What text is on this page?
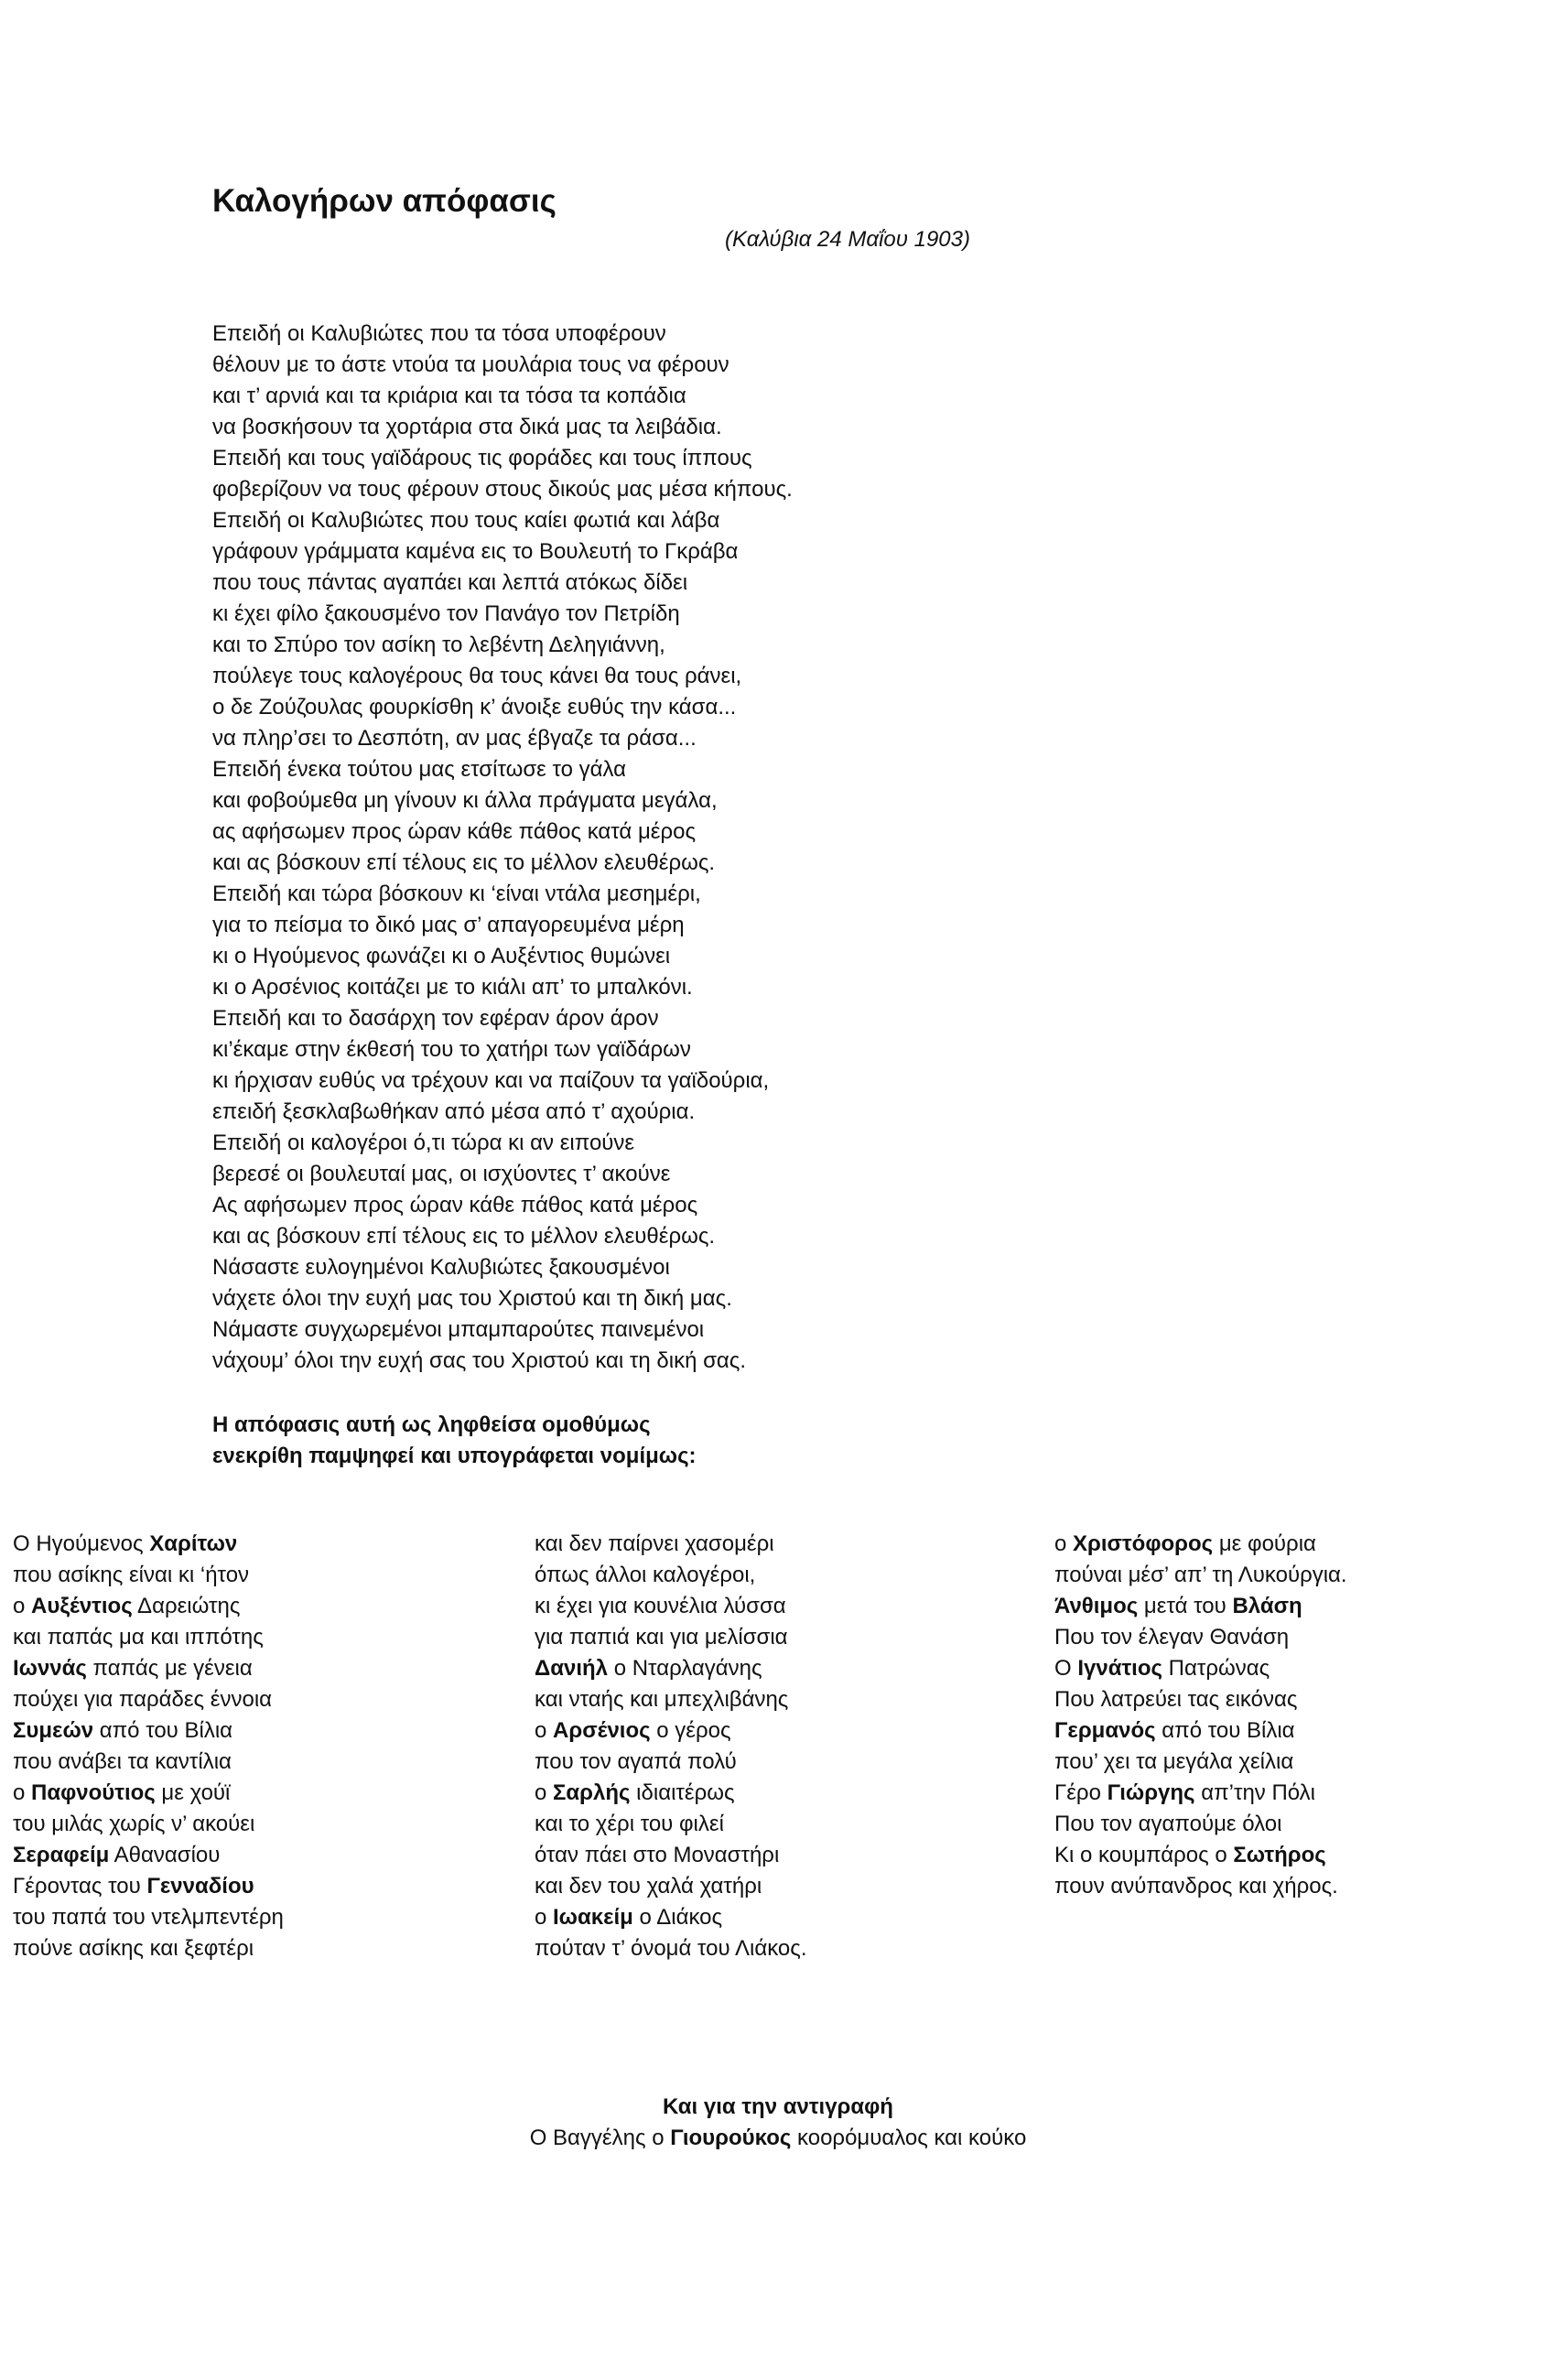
Καλογήρων απόφασις
(Καλύβια 24 Μαΐου 1903)
Επειδή οι Καλυβιώτες που τα τόσα υποφέρουν
θέλουν με το άστε ντούα τα μουλάρια τους να φέρουν
και τ’ αρνιά και τα κριάρια και τα τόσα τα κοπάδια
να βοσκήσουν τα χορτάρια στα δικά μας τα λειβάδια.
Επειδή και τους γαϊδάρους τις φοράδες και τους ίππους
φοβερίζουν να τους φέρουν στους δικούς μας μέσα κήπους.
Επειδή οι Καλυβιώτες που τους καίει φωτιά και λάβα
γράφουν γράμματα καμένα εις το Βουλευτή το Γκράβα
που τους πάντας αγαπάει και λεπτά ατόκως δίδει
κι έχει φίλο ξακουσμένο τον Πανάγο τον Πετρίδη
και το Σπύρο τον ασίκη το λεβέντη Δεληγιάννη,
πούλεγε τους καλογέρους θα τους κάνει θα τους ράνει,
ο δε Ζούζουλας φουρκίσθη κ’ άνοιξε ευθύς την κάσα...
να πληρ’σει το Δεσπότη, αν μας έβγαζε τα ράσα...
Επειδή ένεκα τούτου μας ετσίτωσε το γάλα
και φοβούμεθα μη γίνουν κι άλλα πράγματα μεγάλα,
ας αφήσωμεν προς ώραν κάθε πάθος κατά μέρος
και ας βόσκουν επί τέλους εις το μέλλον ελευθέρως.
Επειδή και τώρα βόσκουν κι ‘είναι ντάλα μεσημέρι,
για το πείσμα το δικό μας σ’ απαγορευμένα μέρη
κι ο Ηγούμενος φωνάζει κι ο Αυξέντιος θυμώνει
κι ο Αρσένιος κοιτάζει με το κιάλι απ’ το μπαλκόνι.
Επειδή και το δασάρχη τον εφέραν άρον άρον
κι’έκαμε στην έκθεσή του το χατήρι των γαϊδάρων
κι ήρχισαν ευθύς να τρέχουν και να παίζουν τα γαϊδούρια,
επειδή ξεσκλαβωθήκαν από μέσα από τ’ αχούρια.
Επειδή οι καλογέροι ό,τι τώρα κι αν ειπούνε
βερεσέ οι βουλευταί μας, οι ισχύοντες τ’ ακούνε
Ας αφήσωμεν προς ώραν κάθε πάθος κατά μέρος
και ας βόσκουν επί τέλους εις το μέλλον ελευθέρως.
Νάσαστε ευλογημένοι Καλυβιώτες ξακουσμένοι
νάχετε όλοι την ευχή μας του Χριστού και τη δική μας.
Νάμαστε συγχωρεμένοι μπαμπαρούτες παινεμένοι
νάχουμ’ όλοι την ευχή σας του Χριστού και τη δική σας.
Η απόφασις αυτή ως ληφθείσα ομοθύμως
ενεκρίθη παμψηφεί και υπογράφεται νομίμως:
Ο Ηγούμενος Χαρίτων
που ασίκης είναι κι ‘ήτον
ο Αυξέντιος Δαρειώτης
και παπάς μα και ιππότης
Ιωννάς παπάς με γένεια
πούχει για παράδες έννοια
Συμεών από του Βίλια
που ανάβει τα καντίλια
ο Παφνούτιος με χούϊ
του μιλάς χωρίς ν’ ακούει
Σεραφείμ Αθανασίου
Γέροντας του Γενναδίου
του παπά του ντελμπεντέρη
πούνε ασίκης και ξεφτέρι
και δεν παίρνει χασομέρι
όπως άλλοι καλογέροι,
κι έχει για κουνέλια λύσσα
για παπιά και για μελίσσια
Δανιήλ ο Νταρλαγάνης
και νταής και μπεχλιβάνης
ο Αρσένιος ο γέρος
που τον αγαπά πολύ
ο Σαρλής ιδιαιτέρως
και το χέρι του φιλεί
όταν πάει στο Μοναστήρι
και δεν του χαλά χατήρι
ο Ιωακείμ ο Διάκος
πούταν τ’ όνομά του Λιάκος.
ο Χριστόφορος με φούρια
πούναι μέσ’ απ’ τη Λυκούργια.
Άνθιμος μετά του Βλάση
Που τον έλεγαν Θανάση
Ο Ιγνάτιος Πατρώνας
Που λατρεύει τας εικόνας
Γερμανός από του Βίλια
που’ χει τα μεγάλα χείλια
Γέρο Γιώργης απ’την Πόλι
Που τον αγαπούμε όλοι
Κι ο κουμπάρος ο Σωτήρος
πουν ανύπανδρος και χήρος.
Και για την αντιγραφή
Ο Βαγγέλης ο Γιουρούκος κοορόμυαλος και κούκο
